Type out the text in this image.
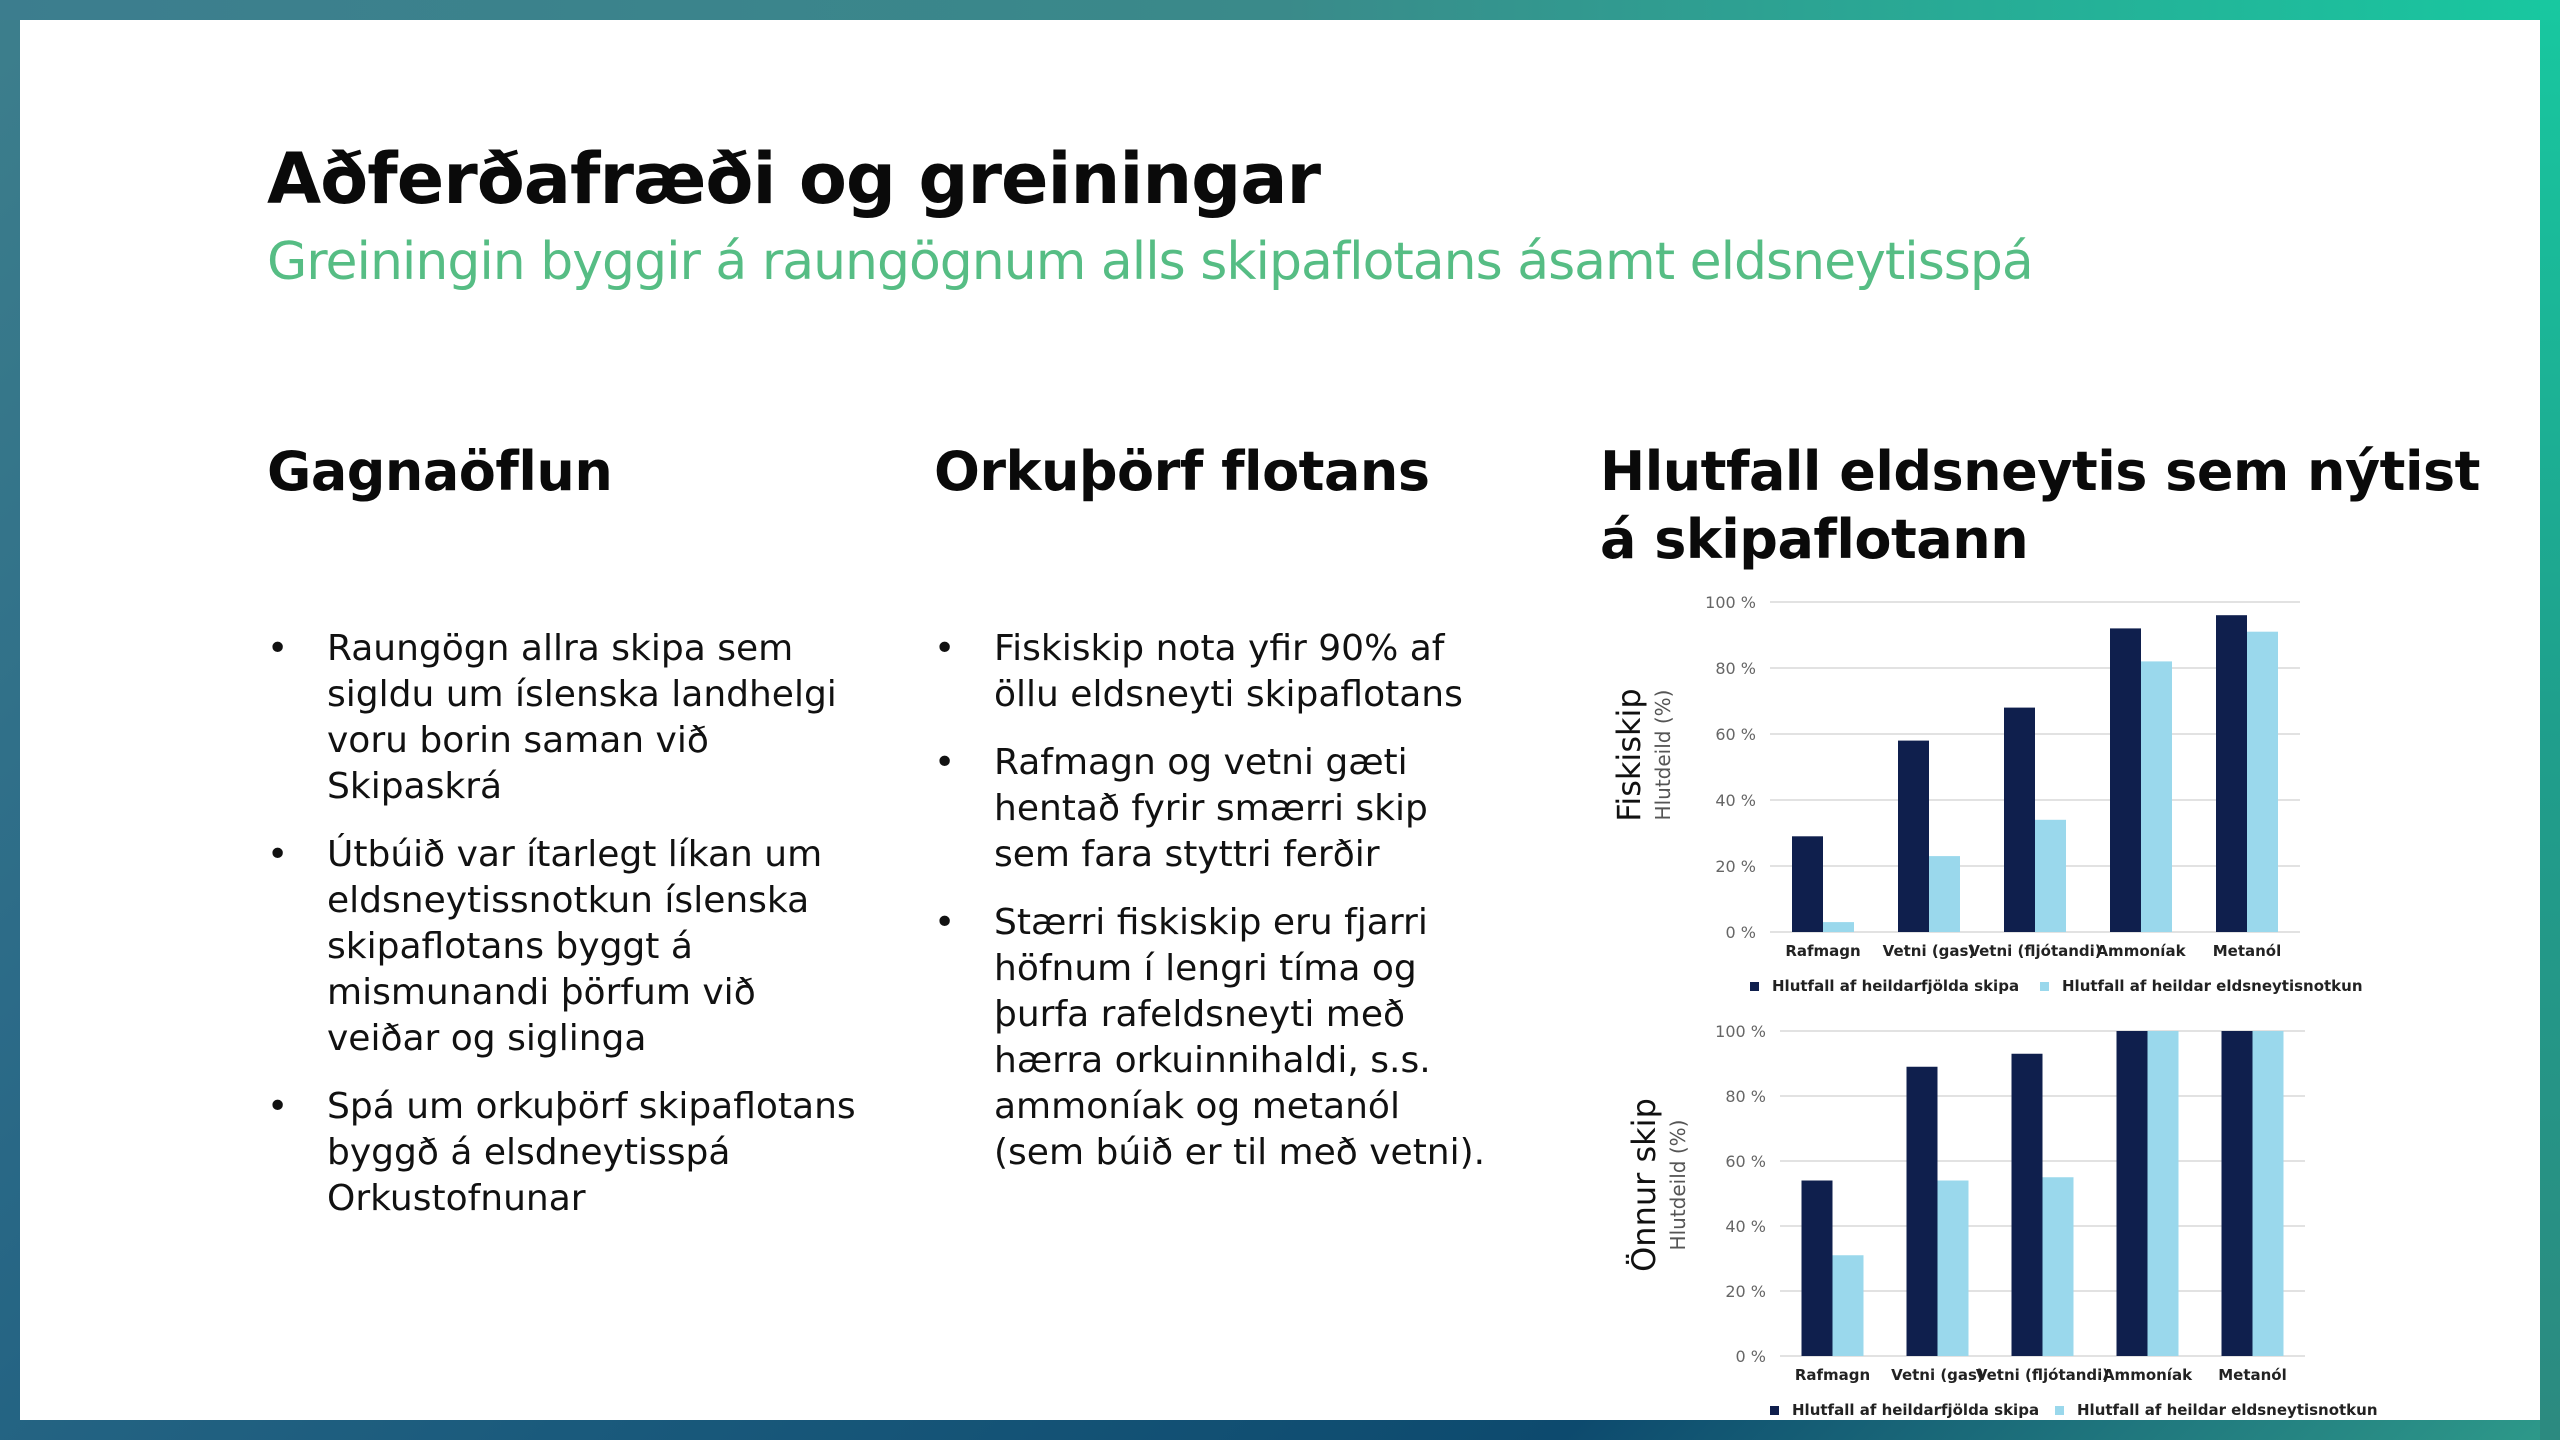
Aðferðafræði og greiningar

Greiningin byggir á raungögnum alls skipaflotans ásamt eldsneytisspá

Gagnaöflun
• Raungögn allra skipa sem sigldu um íslenska landhelgi voru borin saman við Skipaskrá
• Útbúið var ítarlegt líkan um eldsneytissnotkun íslenska skipaflotans byggt á mismunandi þörfum við veiðar og siglinga
• Spá um orkuþörf skipaflotans byggð á elsdneytisspá Orkustofnunar
Orkuþörf flotans
• Fiskiskip nota yfir 90% af öllu eldsneyti skipaflotans
• Rafmagn og vetni gæti hentað fyrir smærri skip sem fara styttri ferðir
• Stærri fiskiskip eru fjarri höfnum í lengri tíma og þurfa rafeldsneyti með hærra orkuinnihaldi, s.s. ammoníak og metanól (sem búið er til með vetni).
Hlutfall eldsneytis sem nýtist á skipaflotann
Fiskiskip Hlutdeild (%)
0 %
20 %
40 %
60 %
80 %
100 %
Rafmagn Vetni (gas)
Vetni (fljótandi)
Ammoníak Metanól
Hlutfall af heildarfjölda skipa	Hlutfall af heildar eldsneytisnotkun
Önnur skip Hlutdeild (%)
0 %
20 %
40 %
60 %
80 %
100 %
Rafmagn Vetni (gas)
Vetni (fljótandi)
Ammoníak Metanól
Hlutfall af heildarfjölda skipa	Hlutfall af heildar eldsneytisnotkun
